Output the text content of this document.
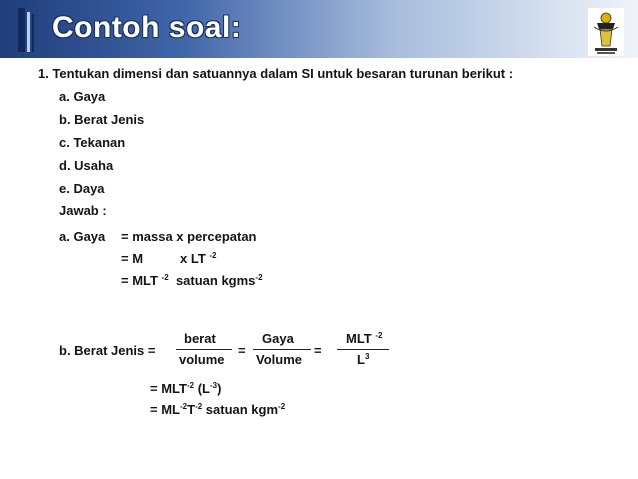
Contoh soal:
1. Tentukan dimensi dan satuannya dalam SI untuk besaran turunan berikut :
a. Gaya
b. Berat Jenis
c. Tekanan
d. Usaha
e. Daya
Jawab :
a. Gaya = massa x percepatan
= M	x LT $^{-2}$
= MLT $^{-2}$ satuan kgms$^{-2}$
b. Berat Jenis =
berat
volume
=
Gaya
Volume
=
MLT $^{-2}$
$L^3$
= $MLT^{-2}$ $(L^{-3})$
= $ML^{-2}T^{-2}$ satuan kgm$^{-2}$
